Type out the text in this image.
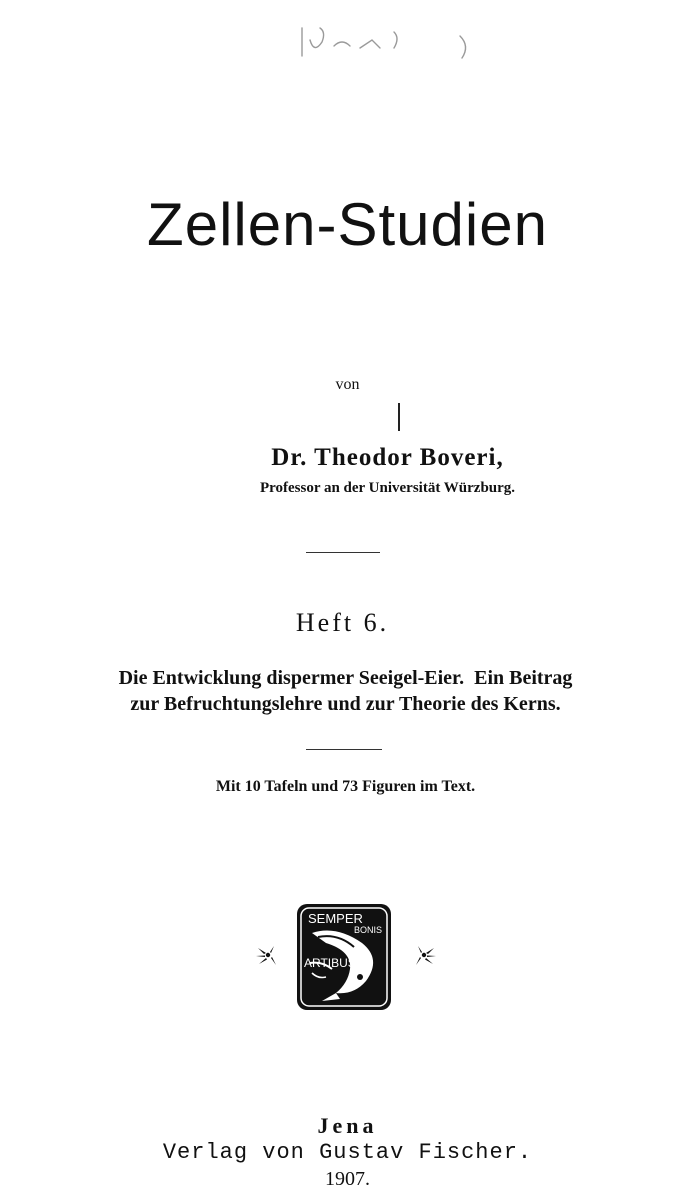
Zellen-Studien
von
Dr. Theodor Boveri,
Professor an der Universität Würzburg.
Heft 6.
Die Entwicklung dispermer Seeigel-Eier.  Ein Beitrag
zur Befruchtungslehre und zur Theorie des Kerns.
Mit 10 Tafeln und 73 Figuren im Text.
SEMPER
BONIS
ARTIBUS
Jena
Verlag von Gustav Fischer.
1907.
